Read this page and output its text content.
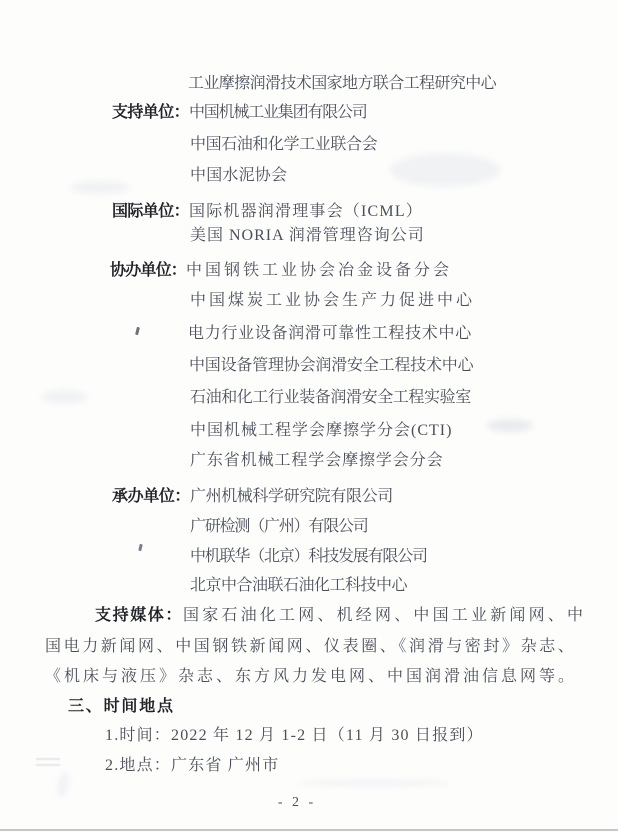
工业摩擦润滑技术国家地方联合工程研究中心
支持单位：中国机械工业集团有限公司
中国石油和化学工业联合会
中国水泥协会
国际单位：国际机器润滑理事会（ICML）
美国 NORIA 润滑管理咨询公司
协办单位：中国钢铁工业协会冶金设备分会
中国煤炭工业协会生产力促进中心
电力行业设备润滑可靠性工程技术中心
中国设备管理协会润滑安全工程技术中心
石油和化工行业装备润滑安全工程实验室
中国机械工程学会摩擦学分会(CTI)
广东省机械工程学会摩擦学会分会
承办单位：广州机械科学研究院有限公司
广研检测（广州）有限公司
中机联华（北京）科技发展有限公司
北京中合油联石油化工科技中心
支持媒体：国家石油化工网、机经网、中国工业新闻网、中
国电力新闻网、中国钢铁新闻网、仪表圈、《润滑与密封》杂志、
《机床与液压》杂志、东方风力发电网、中国润滑油信息网等。
三、时间地点
1.时间：2022 年 12 月 1-2 日（11 月 30 日报到）
2.地点：广东省 广州市
- 2 -
